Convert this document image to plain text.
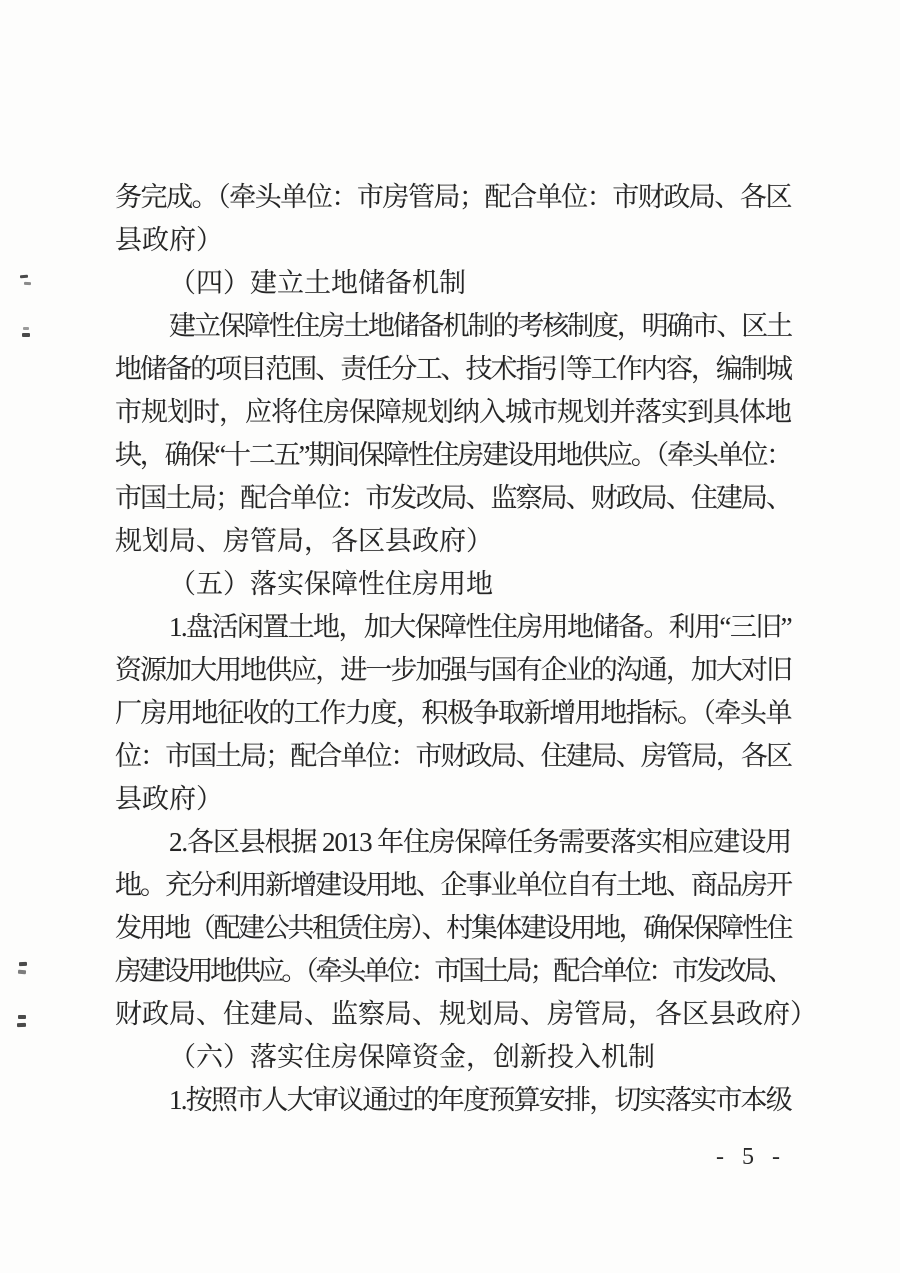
务完成。（牵头单位：市房管局；配合单位：市财政局、各区
县政府）
（四）建立土地储备机制
建立保障性住房土地储备机制的考核制度，明确市、区土
地储备的项目范围、责任分工、技术指引等工作内容，编制城
市规划时，应将住房保障规划纳入城市规划并落实到具体地
块，确保“十二五”期间保障性住房建设用地供应。（牵头单位：
市国土局；配合单位：市发改局、监察局、财政局、住建局、
规划局、房管局，各区县政府）
（五）落实保障性住房用地
1.盘活闲置土地，加大保障性住房用地储备。利用“三旧”
资源加大用地供应，进一步加强与国有企业的沟通，加大对旧
厂房用地征收的工作力度，积极争取新增用地指标。（牵头单
位：市国土局；配合单位：市财政局、住建局、房管局，各区
县政府）
2.各区县根据 2013 年住房保障任务需要落实相应建设用
地。充分利用新增建设用地、企事业单位自有土地、商品房开
发用地（配建公共租赁住房）、村集体建设用地，确保保障性住
房建设用地供应。（牵头单位：市国土局；配合单位：市发改局、
财政局、住建局、监察局、规划局、房管局，各区县政府）
（六）落实住房保障资金，创新投入机制
1.按照市人大审议通过的年度预算安排，切实落实市本级
- 5 -
